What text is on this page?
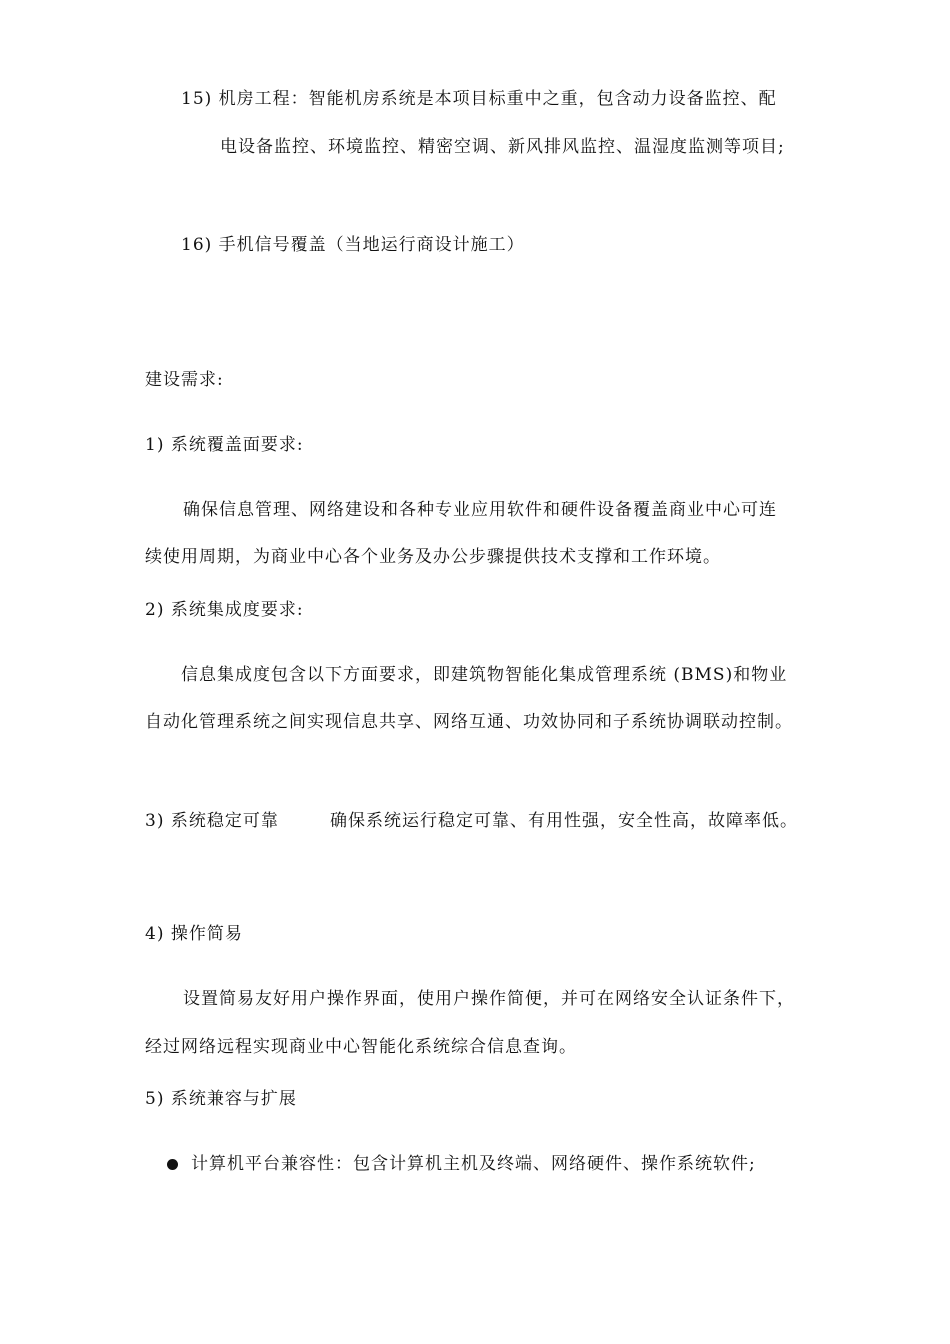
15) 机房工程：智能机房系统是本项目标重中之重，包含动力设备监控、配
电设备监控、环境监控、精密空调、新风排风监控、温湿度监测等项目;
16) 手机信号覆盖（当地运行商设计施工）
建设需求:
1) 系统覆盖面要求:
确保信息管理、网络建设和各种专业应用软件和硬件设备覆盖商业中心可连
续使用周期，为商业中心各个业务及办公步骤提供技术支撑和工作环境。
2) 系统集成度要求:
信息集成度包含以下方面要求，即建筑物智能化集成管理系统 (BMS)和物业
自动化管理系统之间实现信息共享、网络互通、功效协同和子系统协调联动控制。
3) 系统稳定可靠	确保系统运行稳定可靠、有用性强，安全性高，故障率低。
4) 操作简易
设置简易友好用户操作界面，使用户操作简便，并可在网络安全认证条件下，
经过网络远程实现商业中心智能化系统综合信息查询。
5) 系统兼容与扩展
计算机平台兼容性：包含计算机主机及终端、网络硬件、操作系统软件;
